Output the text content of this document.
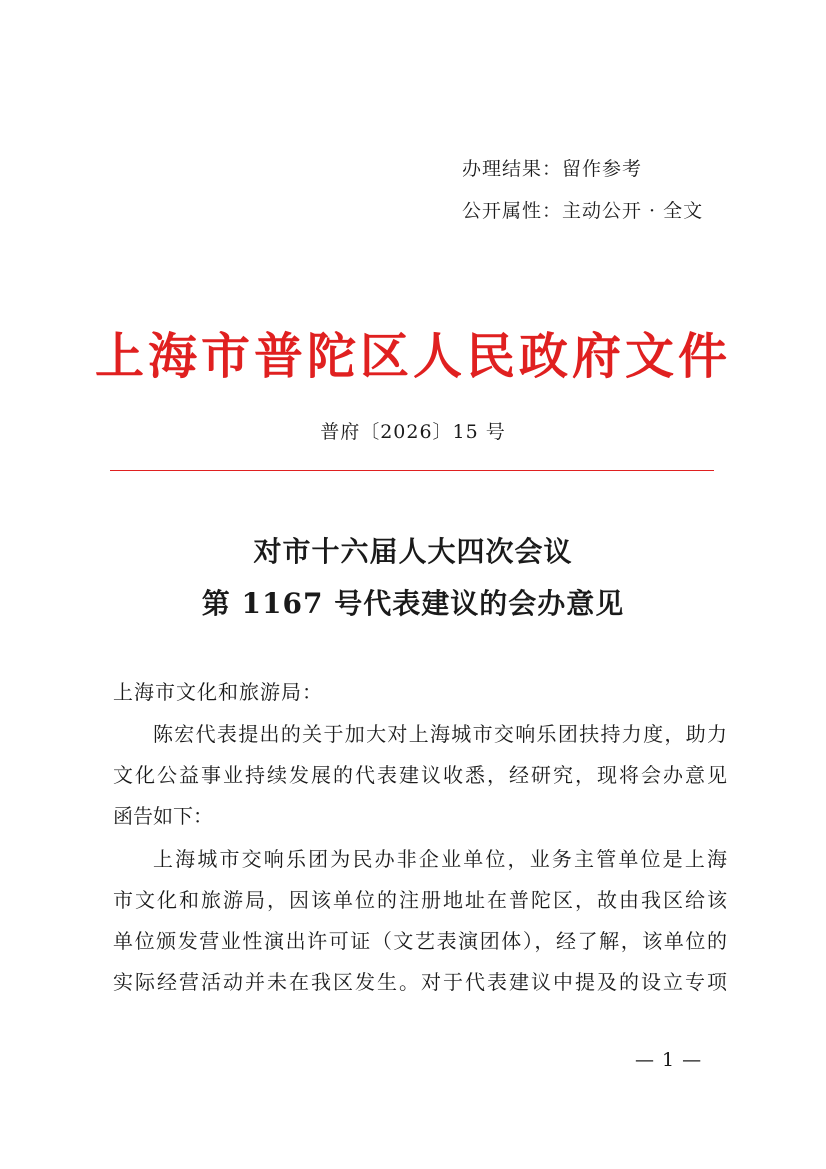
办理结果：留作参考
公开属性：主动公开 · 全文
上海市普陀区人民政府文件
普府〔2026〕15 号
对市十六届人大四次会议
第 1167 号代表建议的会办意见
上海市文化和旅游局：
陈宏代表提出的关于加大对上海城市交响乐团扶持力度，助力
文化公益事业持续发展的代表建议收悉，经研究，现将会办意见
函告如下：
上海城市交响乐团为民办非企业单位，业务主管单位是上海
市文化和旅游局，因该单位的注册地址在普陀区，故由我区给该
单位颁发营业性演出许可证（文艺表演团体），经了解，该单位的
实际经营活动并未在我区发生。对于代表建议中提及的设立专项
— 1 —
